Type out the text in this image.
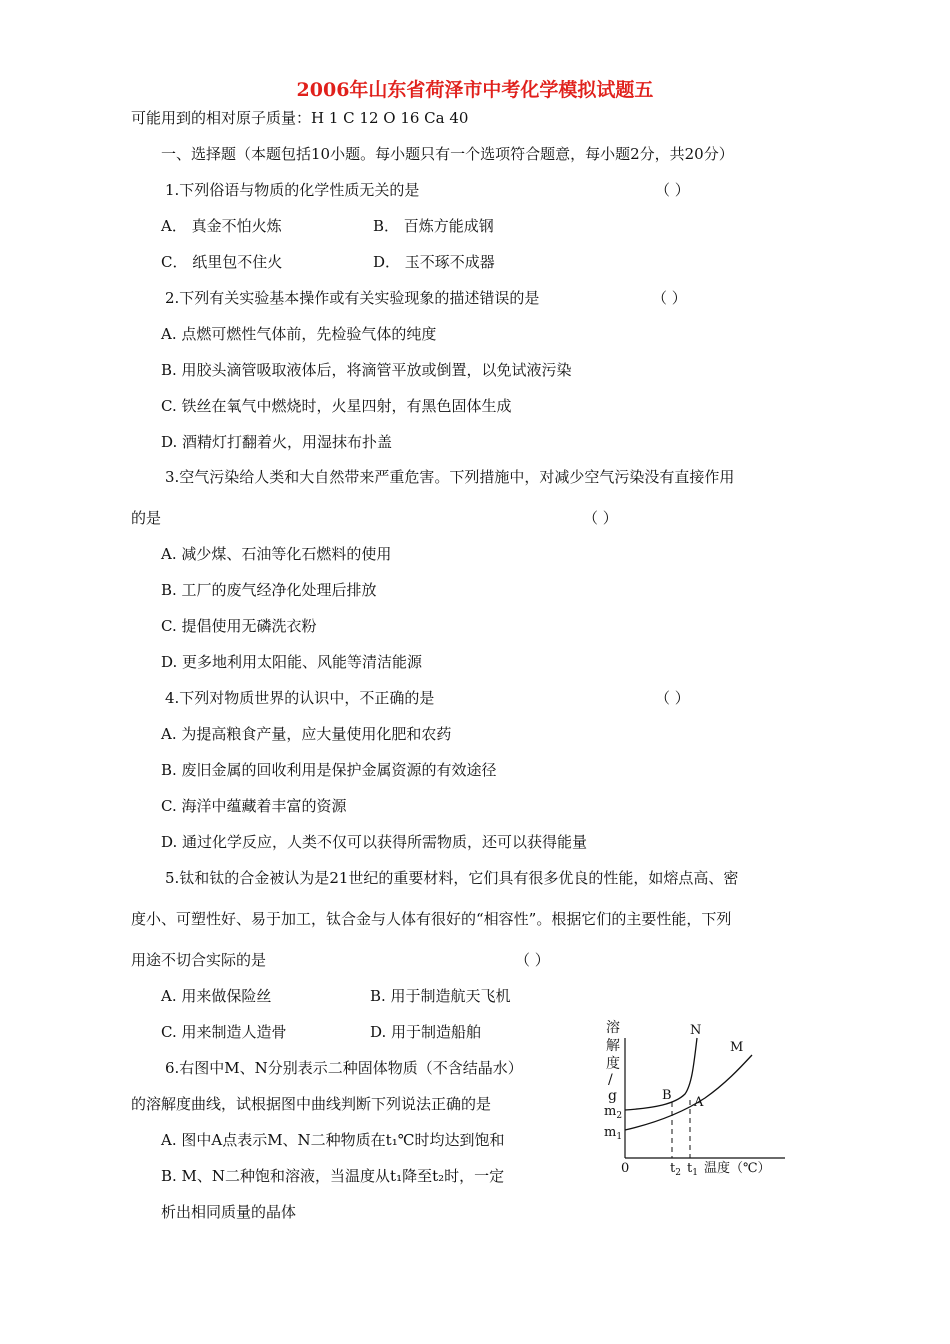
2006年山东省荷泽市中考化学模拟试题五
可能用到的相对原子质量：H 1 C 12 O 16 Ca 40
一、选择题（本题包括10小题。每小题只有一个选项符合题意，每小题2分，共20分）
1.下列俗语与物质的化学性质无关的是	（ ）
A． 真金不怕火炼	B． 百炼方能成钢
C． 纸里包不住火	D． 玉不琢不成器
2.下列有关实验基本操作或有关实验现象的描述错误的是	（ ）
A. 点燃可燃性气体前，先检验气体的纯度
B. 用胶头滴管吸取液体后，将滴管平放或倒置，以免试液污染
C. 铁丝在氧气中燃烧时，火星四射，有黑色固体生成
D. 酒精灯打翻着火，用湿抹布扑盖
3.空气污染给人类和大自然带来严重危害。下列措施中，对减少空气污染没有直接作用
的是	（ ）
A. 减少煤、石油等化石燃料的使用
B. 工厂的废气经净化处理后排放
C. 提倡使用无磷洗衣粉
D. 更多地利用太阳能、风能等清洁能源
4.下列对物质世界的认识中，不正确的是	（ ）
A. 为提高粮食产量，应大量使用化肥和农药
B. 废旧金属的回收利用是保护金属资源的有效途径
C. 海洋中蕴藏着丰富的资源
D. 通过化学反应，人类不仅可以获得所需物质，还可以获得能量
5.钛和钛的合金被认为是21世纪的重要材料，它们具有很多优良的性能，如熔点高、密
度小、可塑性好、易于加工，钛合金与人体有很好的“相容性”。根据它们的主要性能，下列
用途不切合实际的是	（ ）
A. 用来做保险丝	B. 用于制造航天飞机
C. 用来制造人造骨	D. 用于制造船舶
6.右图中M、N分别表示二种固体物质（不含结晶水）
的溶解度曲线，试根据图中曲线判断下列说法正确的是
A. 图中A点表示M、N二种物质在t₁℃时均达到饱和
B. M、N二种饱和溶液，当温度从t₁降至t₂时，一定
析出相同质量的晶体
溶
解
度
/
g
$m_2$
$m_1$
0	$t_2$ $t_1$ 温度（℃）
N
M
B A
